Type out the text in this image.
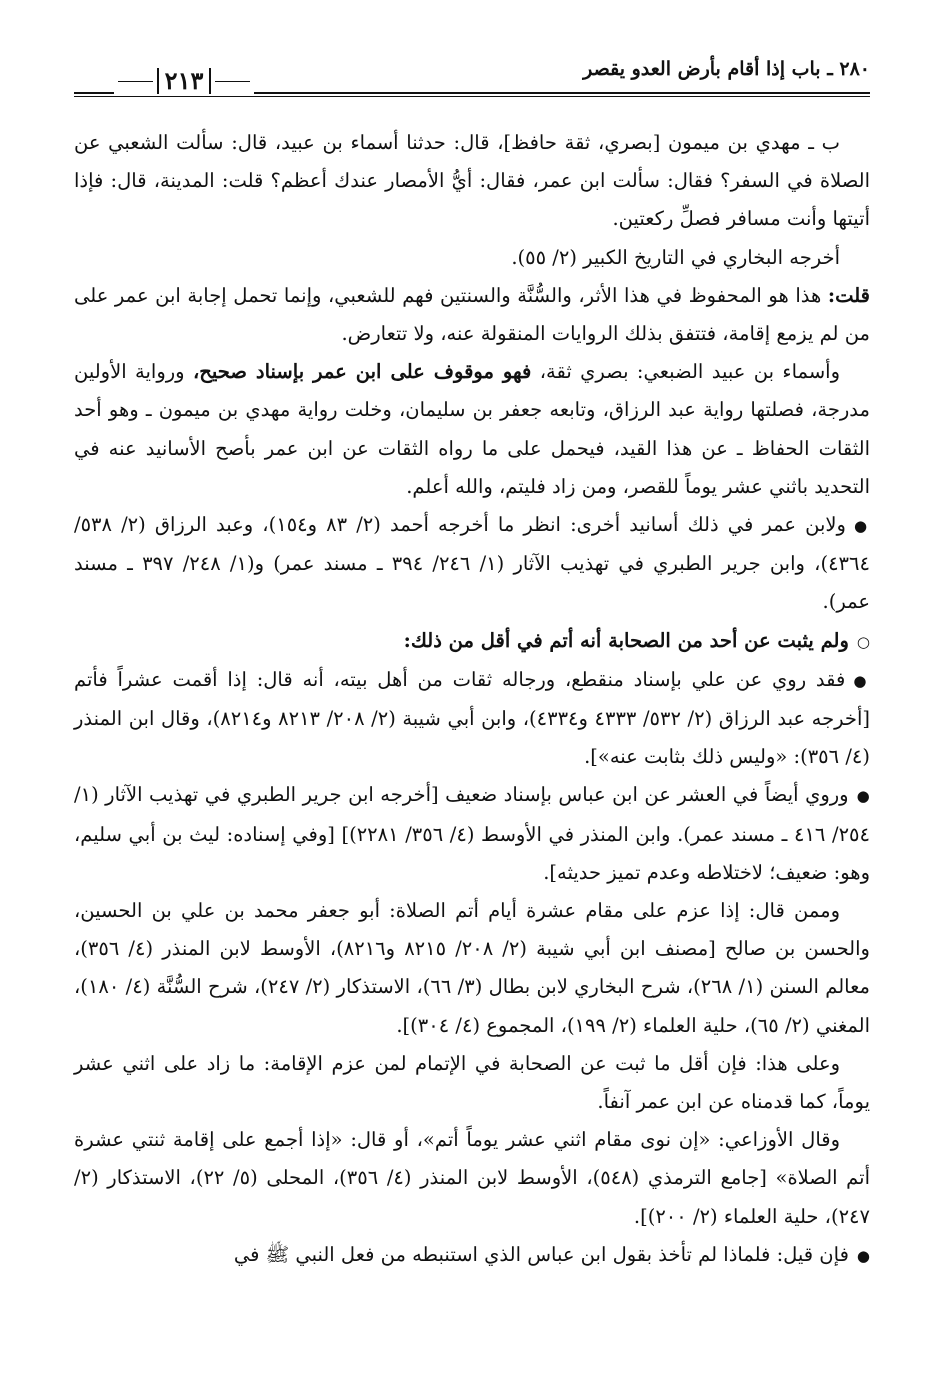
٢٨٠ ـ باب إذا أقام بأرض العدو يقصر
٢١٣

ب ـ مهدي بن ميمون [بصري، ثقة حافظ]، قال: حدثنا أسماء بن عبيد، قال: سألت الشعبي عن الصلاة في السفر؟ فقال: سألت ابن عمر، فقال: أيُّ الأمصار عندك أعظم؟ قلت: المدينة، قال: فإذا أتيتها وأنت مسافر فصلِّ ركعتين.

أخرجه البخاري في التاريخ الكبير (٢/ ٥٥).

قلت: هذا هو المحفوظ في هذا الأثر، والسُّنَّة والسنتين فهم للشعبي، وإنما تحمل إجابة ابن عمر على من لم يزمع إقامة، فتتفق بذلك الروايات المنقولة عنه، ولا تتعارض.

وأسماء بن عبيد الضبعي: بصري ثقة، فهو موقوف على ابن عمر بإسناد صحيح، ورواية الأولين مدرجة، فصلتها رواية عبد الرزاق، وتابعه جعفر بن سليمان، وخلت رواية مهدي بن ميمون ـ وهو أحد الثقات الحفاظ ـ عن هذا القيد، فيحمل على ما رواه الثقات عن ابن عمر بأصح الأسانيد عنه في التحديد باثني عشر يوماً للقصر، ومن زاد فليتم، والله أعلم.

●ولابن عمر في ذلك أسانيد أخرى: انظر ما أخرجه أحمد (٢/ ٨٣ و١٥٤)، وعبد الرزاق (٢/ ٥٣٨/ ٤٣٦٤)، وابن جرير الطبري في تهذيب الآثار (١/ ٢٤٦/ ٣٩٤ ـ مسند عمر) و(١/ ٢٤٨/ ٣٩٧ ـ مسند عمر).

○ولم يثبت عن أحد من الصحابة أنه أتم في أقل من ذلك:

●فقد روي عن علي بإسناد منقطع، ورجاله ثقات من أهل بيته، أنه قال: إذا أقمت عشراً فأتم [أخرجه عبد الرزاق (٢/ ٥٣٢/ ٤٣٣٣ و٤٣٣٤)، وابن أبي شيبة (٢/ ٢٠٨/ ٨٢١٣ و٨٢١٤)، وقال ابن المنذر (٤/ ٣٥٦): «وليس ذلك بثابت عنه»].

●وروي أيضاً في العشر عن ابن عباس بإسناد ضعيف [أخرجه ابن جرير الطبري في تهذيب الآثار (١/ ٢٥٤/ ٤١٦ ـ مسند عمر). وابن المنذر في الأوسط (٤/ ٣٥٦/ ٢٢٨١)] [وفي إسناده: ليث بن أبي سليم، وهو: ضعيف؛ لاختلاطه وعدم تميز حديثه].

وممن قال: إذا عزم على مقام عشرة أيام أتم الصلاة: أبو جعفر محمد بن علي بن الحسين، والحسن بن صالح [مصنف ابن أبي شيبة (٢/ ٢٠٨/ ٨٢١٥ و٨٢١٦)، الأوسط لابن المنذر (٤/ ٣٥٦)، معالم السنن (١/ ٢٦٨)، شرح البخاري لابن بطال (٣/ ٦٦)، الاستذكار (٢/ ٢٤٧)، شرح السُّنَّة (٤/ ١٨٠)، المغني (٢/ ٦٥)، حلية العلماء (٢/ ١٩٩)، المجموع (٤/ ٣٠٤)].

وعلى هذا: فإن أقل ما ثبت عن الصحابة في الإتمام لمن عزم الإقامة: ما زاد على اثني عشر يوماً، كما قدمناه عن ابن عمر آنفاً.

وقال الأوزاعي: «إن نوى مقام اثني عشر يوماً أتم»، أو قال: «إذا أجمع على إقامة ثنتي عشرة أتم الصلاة» [جامع الترمذي (٥٤٨)، الأوسط لابن المنذر (٤/ ٣٥٦)، المحلى (٥/ ٢٢)، الاستذكار (٢/ ٢٤٧)، حلية العلماء (٢/ ٢٠٠)].

●فإن قيل: فلماذا لم تأخذ بقول ابن عباس الذي استنبطه من فعل النبي ﷺ في
